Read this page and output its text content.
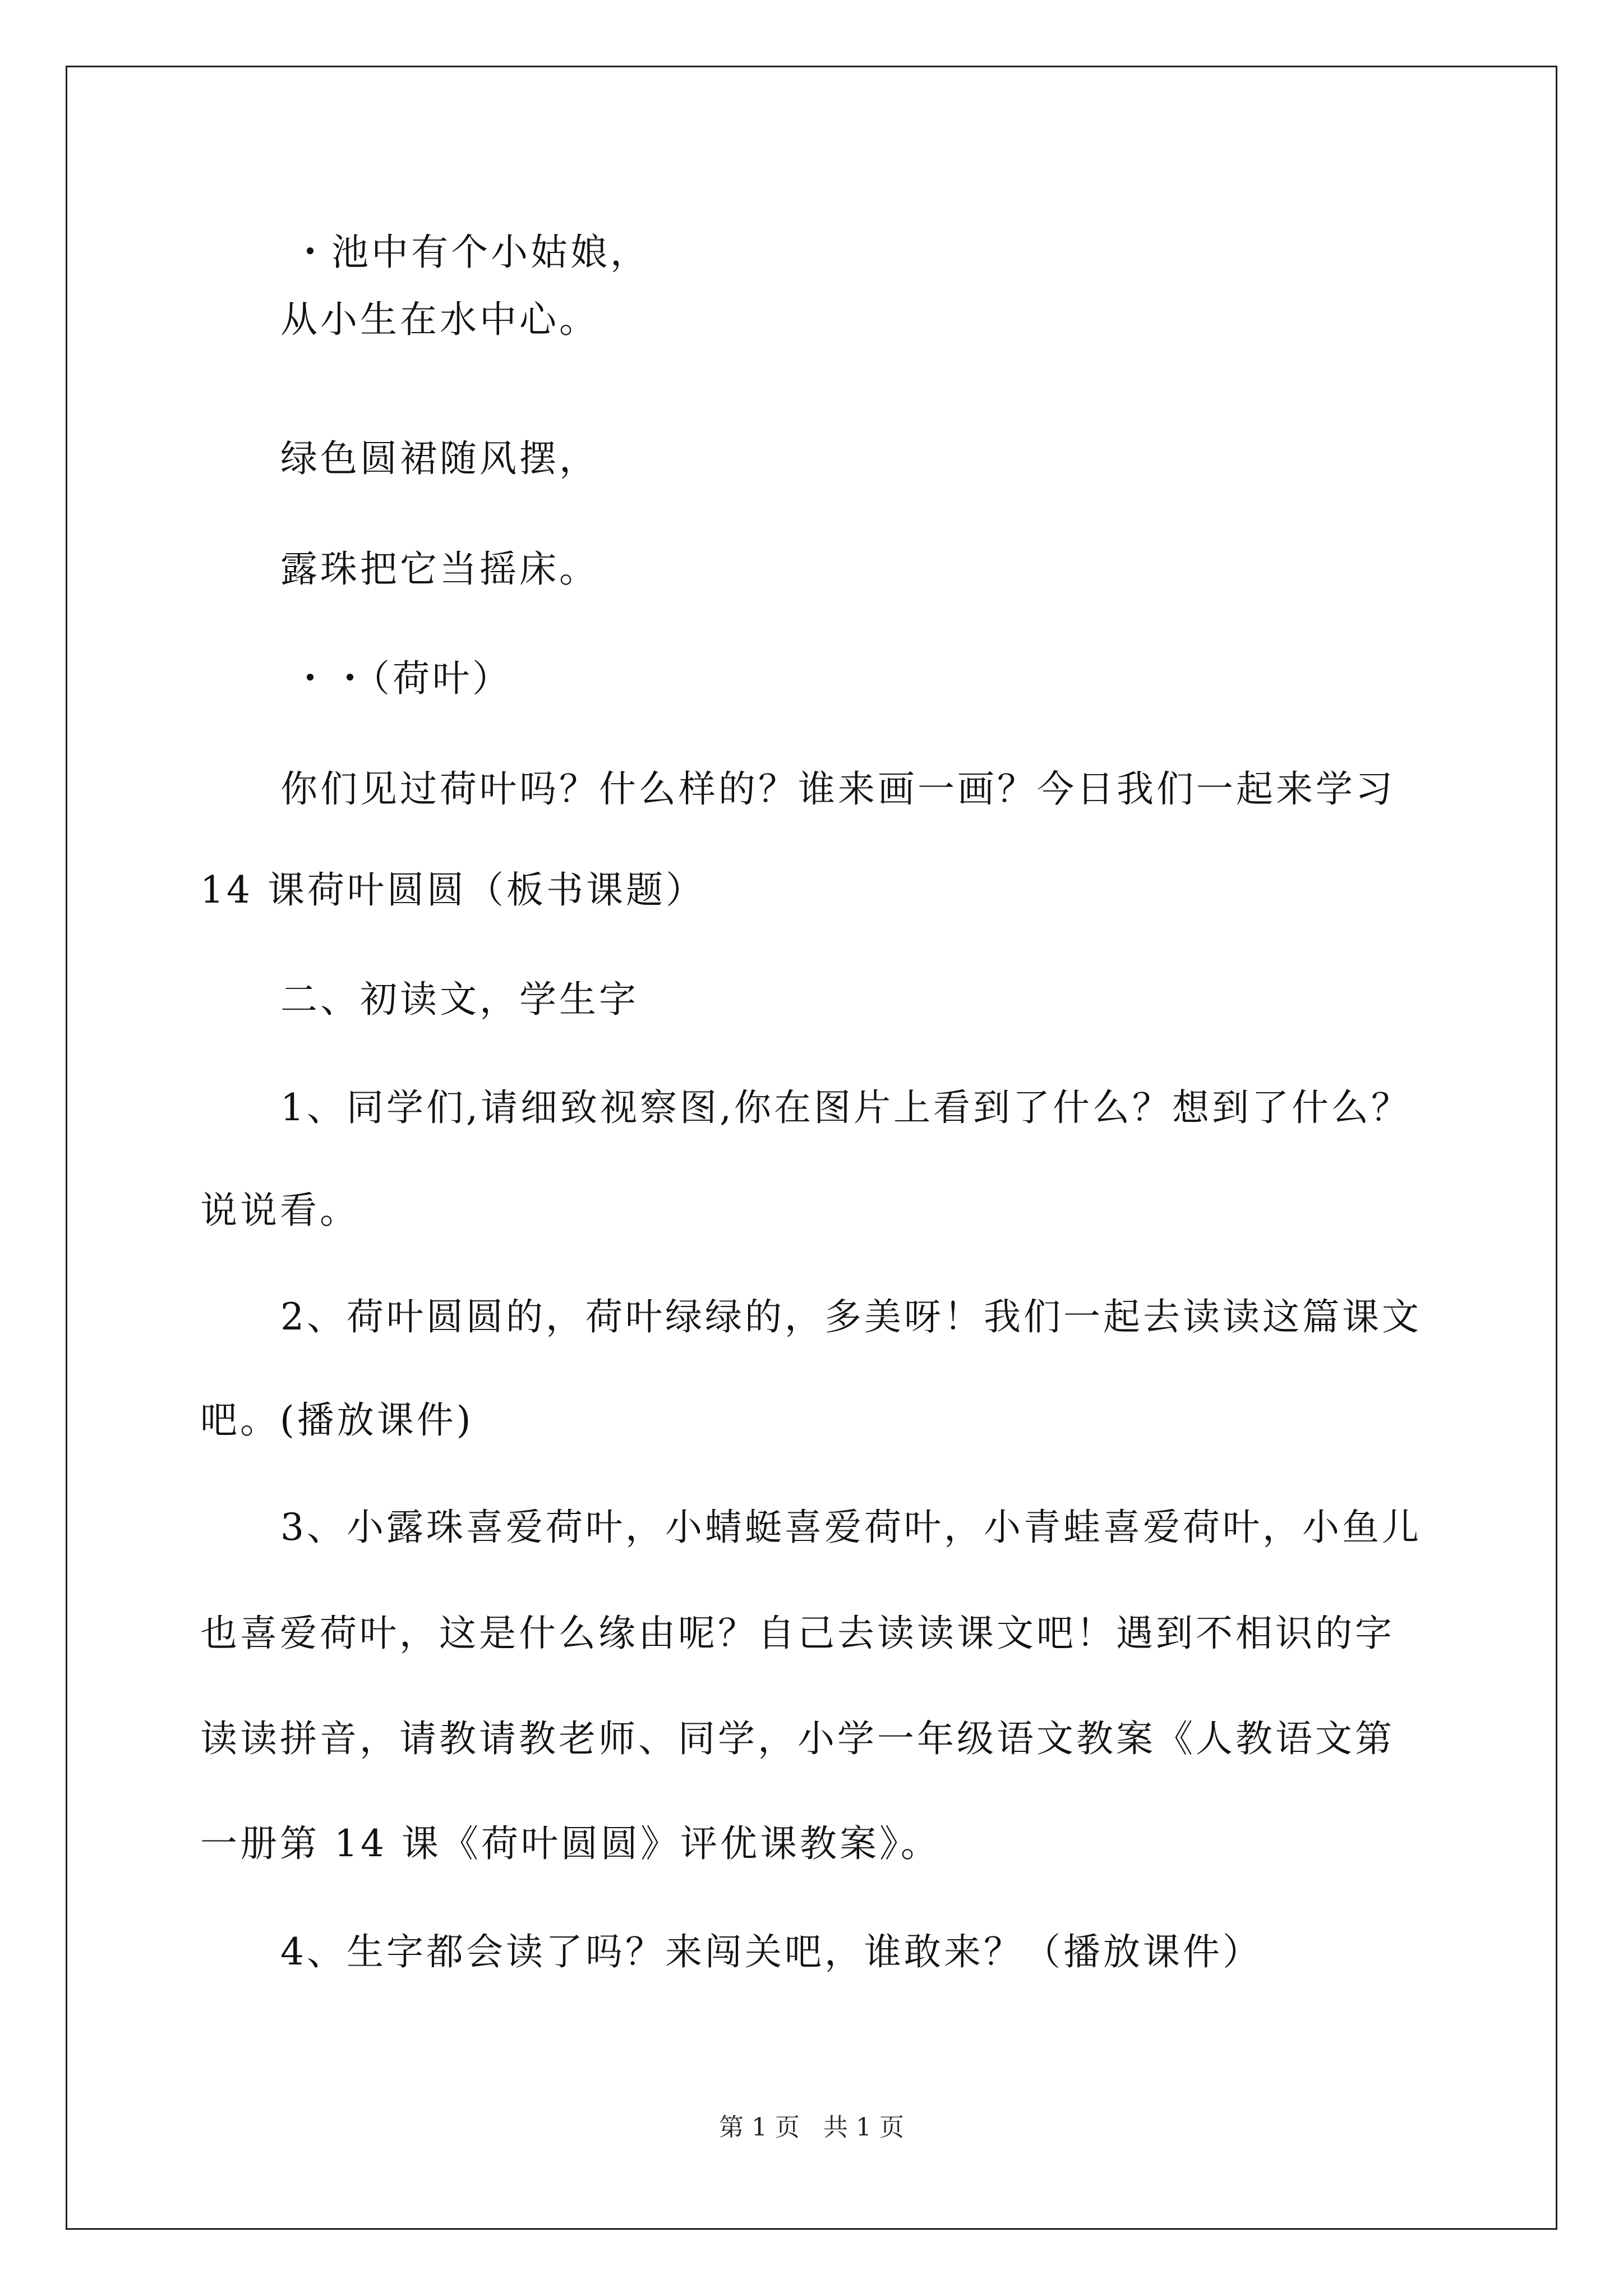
・池中有个小姑娘，

从小生在水中心。

绿色圆裙随风摆，

露珠把它当摇床。

・・（荷叶）

你们见过荷叶吗？什么样的？谁来画一画？今日我们一起来学习

14 课荷叶圆圆（板书课题）

二、初读文，学生字

1、同学们,请细致视察图,你在图片上看到了什么？想到了什么？

说说看。

2、荷叶圆圆的，荷叶绿绿的，多美呀！我们一起去读读这篇课文

吧。(播放课件)

3、小露珠喜爱荷叶，小蜻蜓喜爱荷叶，小青蛙喜爱荷叶，小鱼儿

也喜爱荷叶，这是什么缘由呢？自己去读读课文吧！遇到不相识的字

读读拼音，请教请教老师、同学，小学一年级语文教案《人教语文第

一册第 14 课《荷叶圆圆》评优课教案》。

4、生字都会读了吗？来闯关吧，谁敢来？（播放课件）

第 1 页   共 1 页
